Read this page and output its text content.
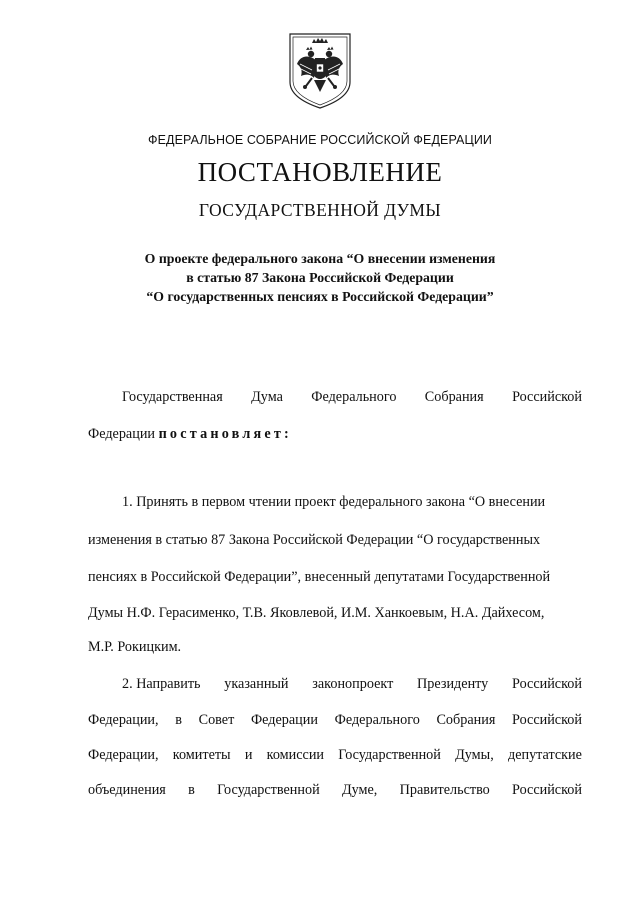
ФЕДЕРАЛЬНОЕ СОБРАНИЕ РОССИЙСКОЙ ФЕДЕРАЦИИ
ПОСТАНОВЛЕНИЕ
ГОСУДАРСТВЕННОЙ ДУМЫ
О проекте федерального закона “О внесении изменения
в статью 87 Закона Российской Федерации
“О государственных пенсиях в Российской Федерации”
Государственная Дума Федерального Собрания Российской
Федерации постановляет:
1. Принять в первом чтении проект федерального закона “О внесении
изменения в статью 87 Закона Российской Федерации “О государственных
пенсиях в Российской Федерации”, внесенный депутатами Государственной
Думы Н.Ф. Герасименко, Т.В. Яковлевой, И.М. Ханкоевым, Н.А. Дайхесом,
М.Р. Рокицким.
2. Направить указанный законопроект Президенту Российской
Федерации, в Совет Федерации Федерального Собрания Российской
Федерации, комитеты и комиссии Государственной Думы, депутатские
объединения в Государственной Думе, Правительство Российской
